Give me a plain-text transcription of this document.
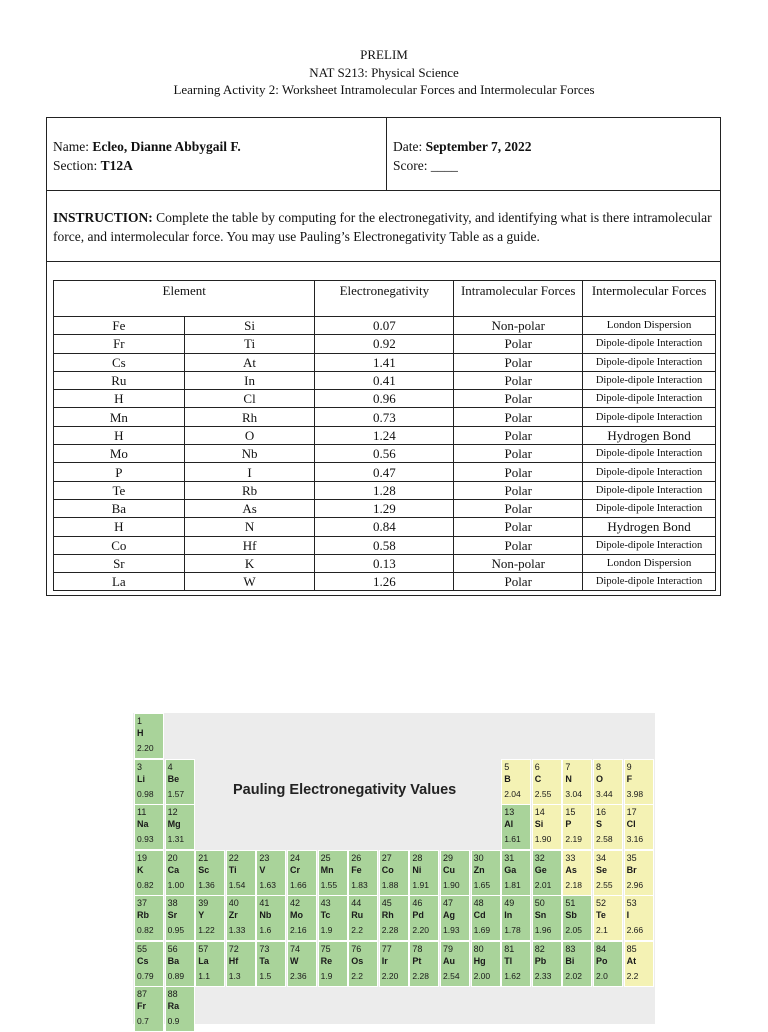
PRELIM
NAT S213: Physical Science
Learning Activity 2: Worksheet Intramolecular Forces and Intermolecular Forces
Name: Ecleo, Dianne Abbygail F.
Section: T12A
Date: September 7, 2022
Score: ____
INSTRUCTION: Complete the table by computing for the electronegativity, and identifying what is there intramolecular force, and intermolecular force. You may use Pauling’s Electronegativity Table as a guide.
Element		Electronegativity	Intramolecular Forces	Intermolecular Forces
Fe	Si	0.07	Non-polar	London Dispersion
Fr	Ti	0.92	Polar	Dipole-dipole Interaction
Cs	At	1.41	Polar	Dipole-dipole Interaction
Ru	In	0.41	Polar	Dipole-dipole Interaction
H	Cl	0.96	Polar	Dipole-dipole Interaction
Mn	Rh	0.73	Polar	Dipole-dipole Interaction
H	O	1.24	Polar	Hydrogen Bond
Mo	Nb	0.56	Polar	Dipole-dipole Interaction
P	I	0.47	Polar	Dipole-dipole Interaction
Te	Rb	1.28	Polar	Dipole-dipole Interaction
Ba	As	1.29	Polar	Dipole-dipole Interaction
H	N	0.84	Polar	Hydrogen Bond
Co	Hf	0.58	Polar	Dipole-dipole Interaction
Sr	K	0.13	Non-polar	London Dispersion
La	W	1.26	Polar	Dipole-dipole Interaction
Pauling Electronegativity Values
1
H
2.20
3
Li
0.98
4
Be
1.57
5
B
2.04
6
C
2.55
7
N
3.04
8
O
3.44
9
F
3.98
11
Na
0.93
12
Mg
1.31
13
Al
1.61
14
Si
1.90
15
P
2.19
16
S
2.58
17
Cl
3.16
19
K
0.82
20
Ca
1.00
21
Sc
1.36
22
Ti
1.54
23
V
1.63
24
Cr
1.66
25
Mn
1.55
26
Fe
1.83
27
Co
1.88
28
Ni
1.91
29
Cu
1.90
30
Zn
1.65
31
Ga
1.81
32
Ge
2.01
33
As
2.18
34
Se
2.55
35
Br
2.96
37
Rb
0.82
38
Sr
0.95
39
Y
1.22
40
Zr
1.33
41
Nb
1.6
42
Mo
2.16
43
Tc
1.9
44
Ru
2.2
45
Rh
2.28
46
Pd
2.20
47
Ag
1.93
48
Cd
1.69
49
In
1.78
50
Sn
1.96
51
Sb
2.05
52
Te
2.1
53
I
2.66
55
Cs
0.79
56
Ba
0.89
57
La
1.1
72
Hf
1.3
73
Ta
1.5
74
W
2.36
75
Re
1.9
76
Os
2.2
77
Ir
2.20
78
Pt
2.28
79
Au
2.54
80
Hg
2.00
81
Tl
1.62
82
Pb
2.33
83
Bi
2.02
84
Po
2.0
85
At
2.2
87
Fr
0.7
88
Ra
0.9
